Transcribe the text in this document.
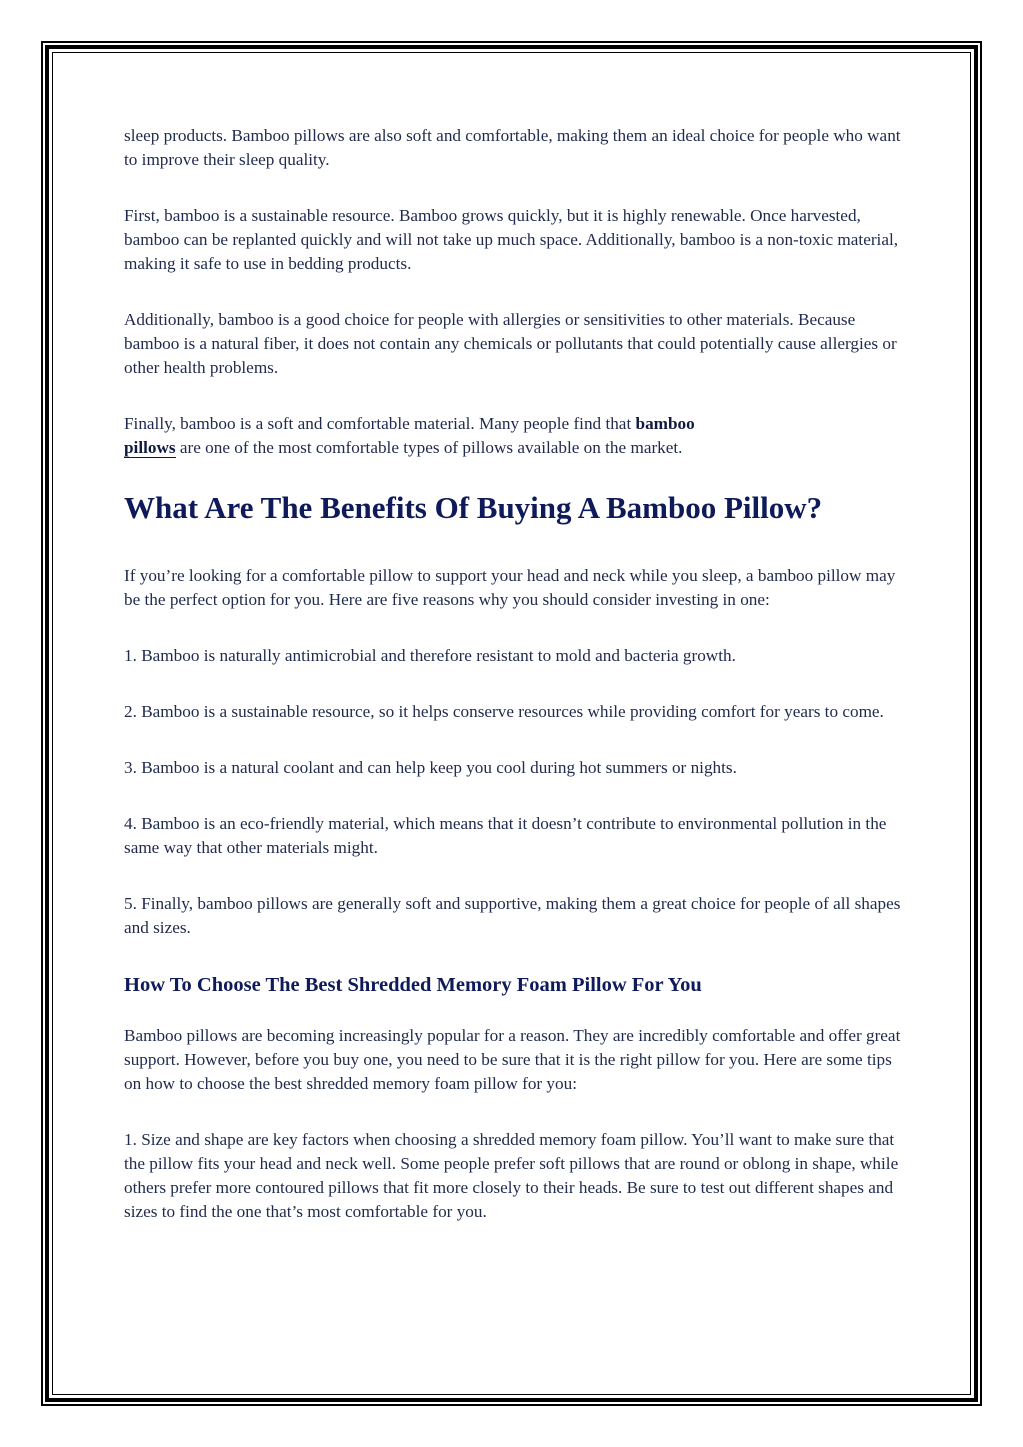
sleep products. Bamboo pillows are also soft and comfortable, making them an ideal choice for people who want to improve their sleep quality.

First, bamboo is a sustainable resource. Bamboo grows quickly, but it is highly renewable. Once harvested, bamboo can be replanted quickly and will not take up much space. Additionally, bamboo is a non-toxic material, making it safe to use in bedding products.

Additionally, bamboo is a good choice for people with allergies or sensitivities to other materials. Because bamboo is a natural fiber, it does not contain any chemicals or pollutants that could potentially cause allergies or other health problems.

Finally, bamboo is a soft and comfortable material. Many people find that bamboo
pillows are one of the most comfortable types of pillows available on the market.

What Are The Benefits Of Buying A Bamboo Pillow?

If you’re looking for a comfortable pillow to support your head and neck while you sleep, a bamboo pillow may be the perfect option for you. Here are five reasons why you should consider investing in one:

1. Bamboo is naturally antimicrobial and therefore resistant to mold and bacteria growth.

2. Bamboo is a sustainable resource, so it helps conserve resources while providing comfort for years to come.

3. Bamboo is a natural coolant and can help keep you cool during hot summers or nights.

4. Bamboo is an eco-friendly material, which means that it doesn’t contribute to environmental pollution in the same way that other materials might.

5. Finally, bamboo pillows are generally soft and supportive, making them a great choice for people of all shapes and sizes.

How To Choose The Best Shredded Memory Foam Pillow For You

Bamboo pillows are becoming increasingly popular for a reason. They are incredibly comfortable and offer great support. However, before you buy one, you need to be sure that it is the right pillow for you. Here are some tips on how to choose the best shredded memory foam pillow for you:

1. Size and shape are key factors when choosing a shredded memory foam pillow. You’ll want to make sure that the pillow fits your head and neck well. Some people prefer soft pillows that are round or oblong in shape, while others prefer more contoured pillows that fit more closely to their heads. Be sure to test out different shapes and sizes to find the one that’s most comfortable for you.
